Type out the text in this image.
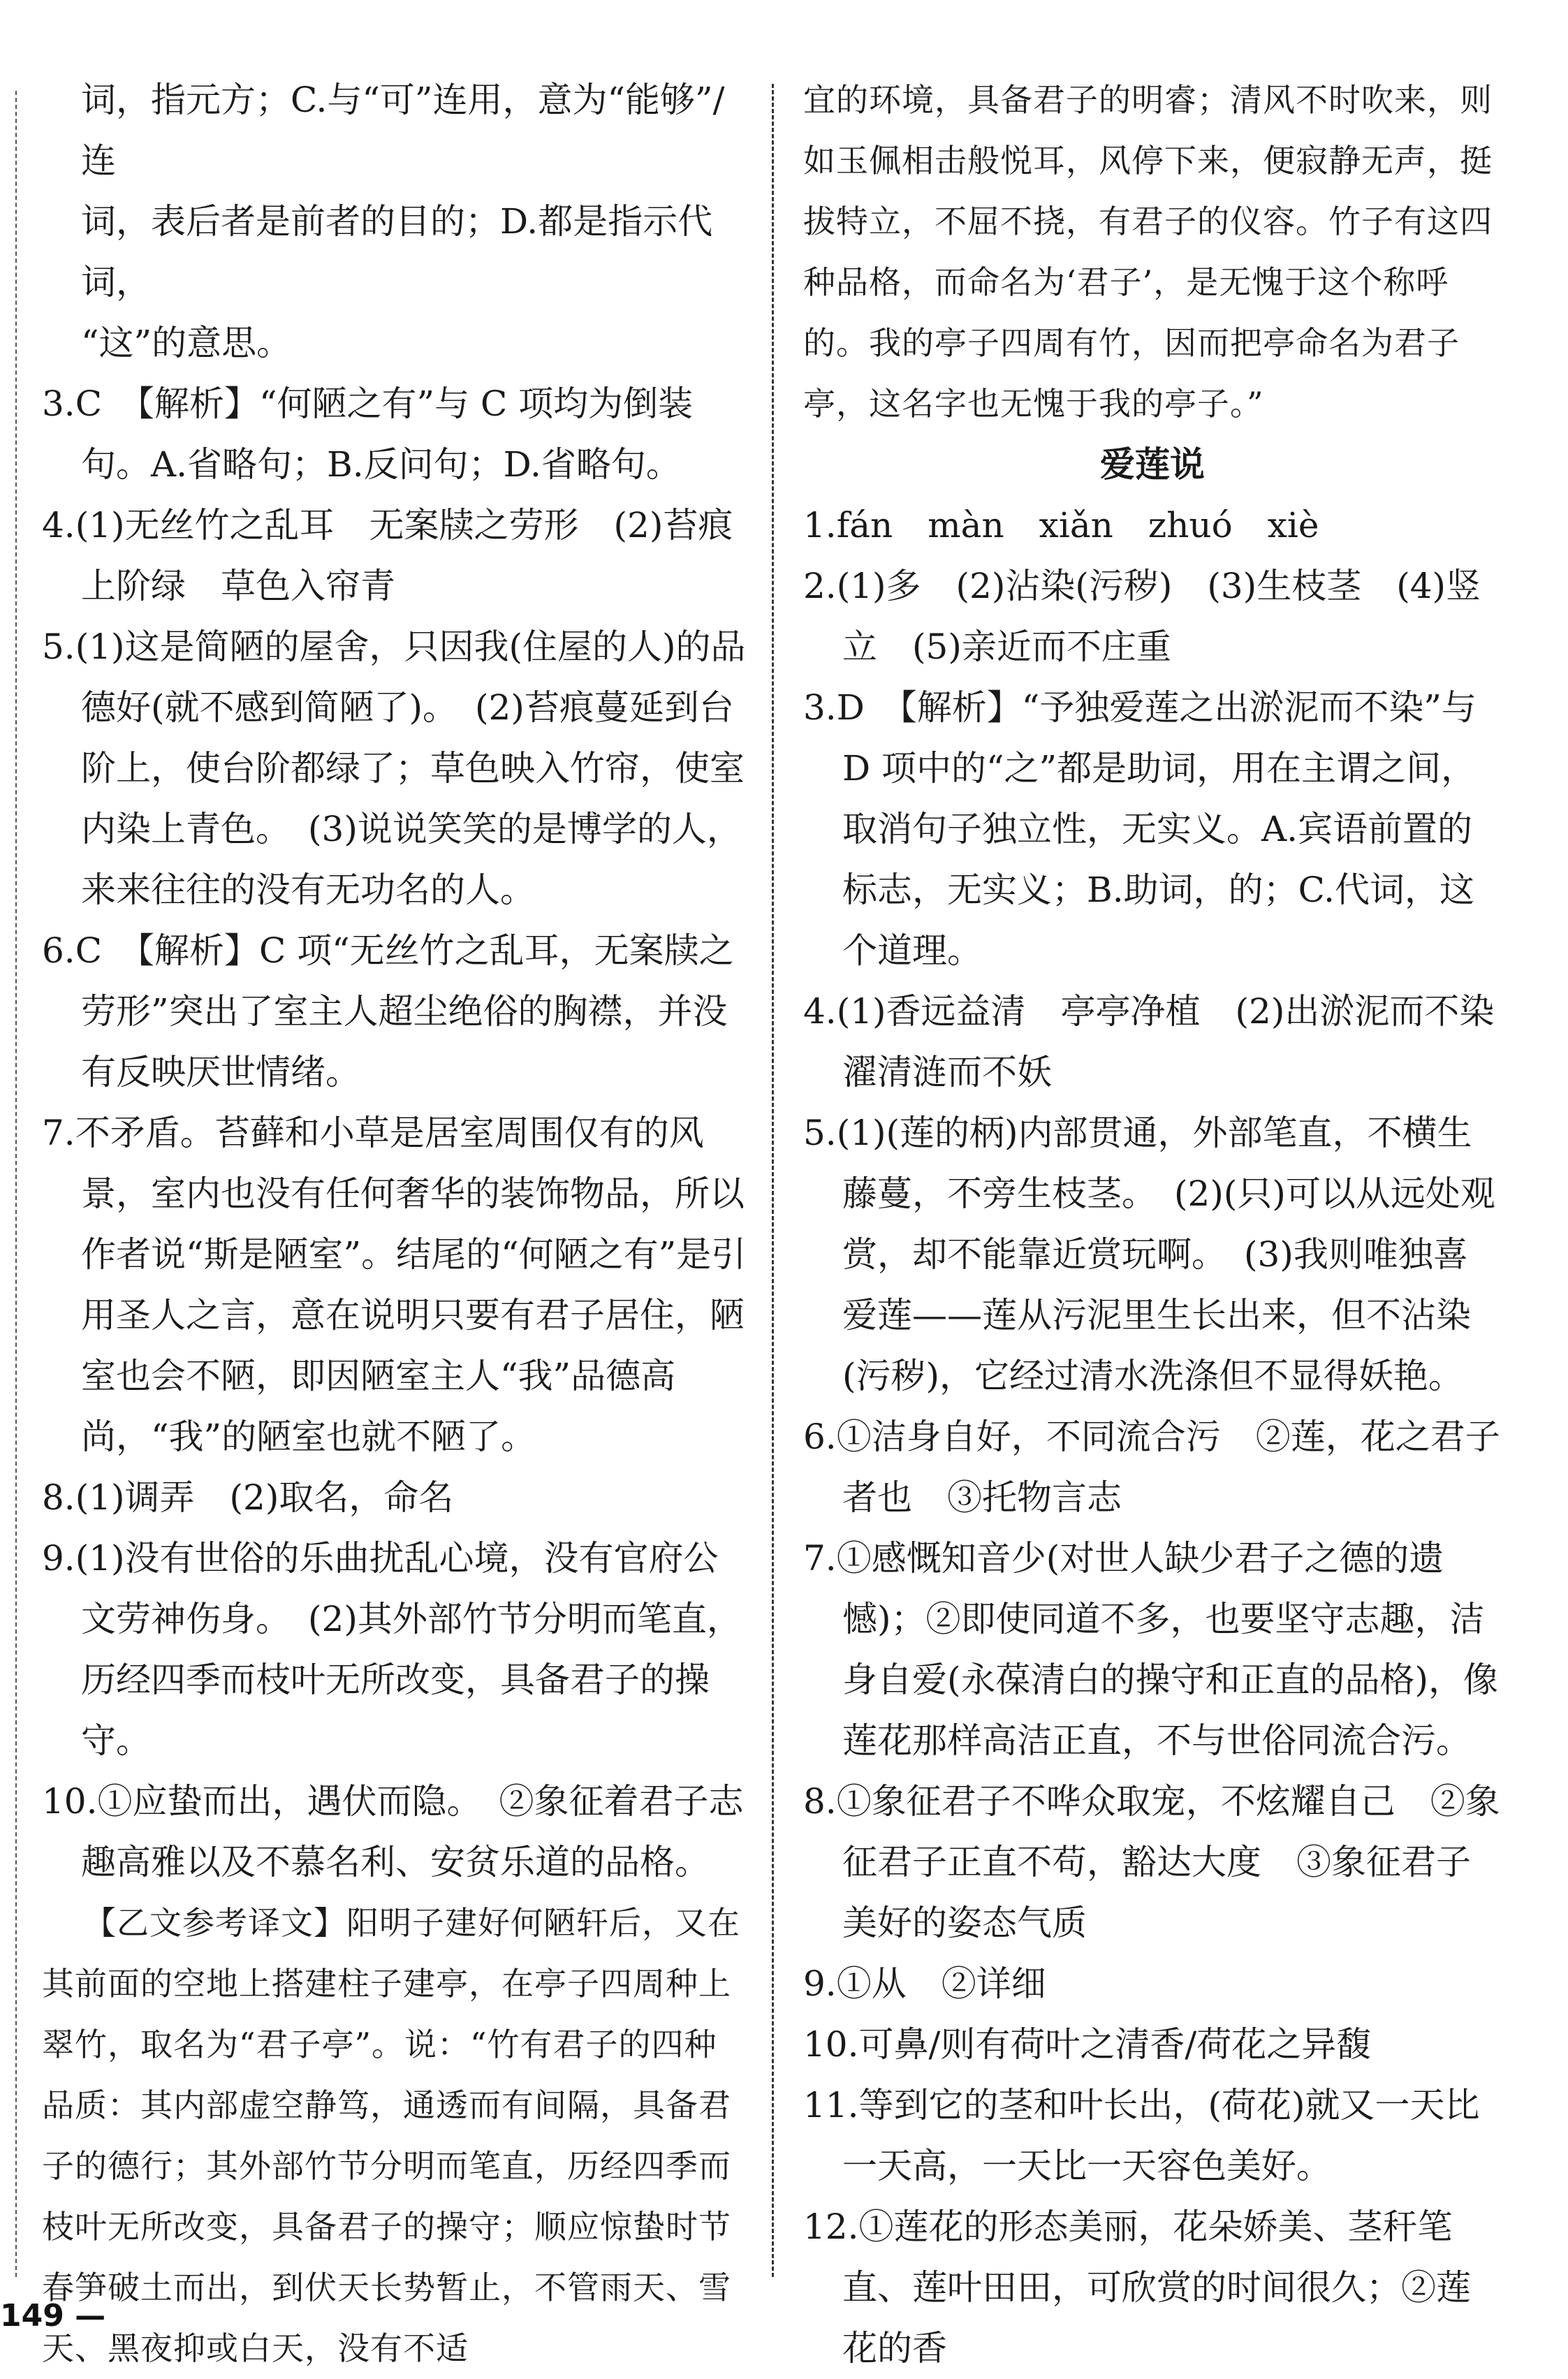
词，指元方；C.与“可”连用，意为“能够”/连

词，表后者是前者的目的；D.都是指示代词，

“这”的意思。

3.C　【解析】“何陋之有”与 C 项均为倒装句。A.省略句；B.反问句；D.省略句。

4.(1)无丝竹之乱耳　无案牍之劳形　(2)苔痕上阶绿　草色入帘青

5.(1)这是简陋的屋舍，只因我(住屋的人)的品德好(就不感到简陋了)。　(2)苔痕蔓延到台阶上，使台阶都绿了；草色映入竹帘，使室内染上青色。　(3)说说笑笑的是博学的人，来来往往的没有无功名的人。

6.C　【解析】C 项“无丝竹之乱耳，无案牍之劳形”突出了室主人超尘绝俗的胸襟，并没有反映厌世情绪。

7.不矛盾。苔藓和小草是居室周围仅有的风景，室内也没有任何奢华的装饰物品，所以作者说“斯是陋室”。结尾的“何陋之有”是引用圣人之言，意在说明只要有君子居住，陋室也会不陋，即因陋室主人“我”品德高尚，“我”的陋室也就不陋了。

8.(1)调弄　(2)取名，命名

9.(1)没有世俗的乐曲扰乱心境，没有官府公文劳神伤身。　(2)其外部竹节分明而笔直，历经四季而枝叶无所改变，具备君子的操守。

10.①应蛰而出，遇伏而隐。　②象征着君子志趣高雅以及不慕名利、安贫乐道的品格。

【乙文参考译文】阳明子建好何陋轩后，又在其前面的空地上搭建柱子建亭，在亭子四周种上翠竹，取名为“君子亭”。说：“竹有君子的四种品质：其内部虚空静笃，通透而有间隔，具备君子的德行；其外部竹节分明而笔直，历经四季而枝叶无所改变，具备君子的操守；顺应惊蛰时节春笋破土而出，到伏天长势暂止，不管雨天、雪天、黑夜抑或白天，没有不适

宜的环境，具备君子的明睿；清风不时吹来，则如玉佩相击般悦耳，风停下来，便寂静无声，挺拔特立，不屈不挠，有君子的仪容。竹子有这四种品格，而命名为‘君子’，是无愧于这个称呼的。我的亭子四周有竹，因而把亭命名为君子亭，这名字也无愧于我的亭子。”

爱莲说

1.fán　màn　xiǎn　zhuó　xiè

2.(1)多　(2)沾染(污秽)　(3)生枝茎　(4)竖立　(5)亲近而不庄重

3.D　【解析】“予独爱莲之出淤泥而不染”与 D 项中的“之”都是助词，用在主谓之间，取消句子独立性，无实义。A.宾语前置的标志，无实义；B.助词，的；C.代词，这个道理。

4.(1)香远益清　亭亭净植　(2)出淤泥而不染　濯清涟而不妖

5.(1)(莲的柄)内部贯通，外部笔直，不横生藤蔓，不旁生枝茎。　(2)(只)可以从远处观赏，却不能靠近赏玩啊。　(3)我则唯独喜爱莲——莲从污泥里生长出来，但不沾染(污秽)，它经过清水洗涤但不显得妖艳。

6.①洁身自好，不同流合污　②莲，花之君子者也　③托物言志

7.①感慨知音少(对世人缺少君子之德的遗憾)；②即使同道不多，也要坚守志趣，洁身自爱(永葆清白的操守和正直的品格)，像莲花那样高洁正直，不与世俗同流合污。

8.①象征君子不哗众取宠，不炫耀自己　②象征君子正直不苟，豁达大度　③象征君子美好的姿态气质

9.①从　②详细

10.可鼻/则有荷叶之清香/荷花之异馥

11.等到它的茎和叶长出，(荷花)就又一天比一天高，一天比一天容色美好。

12.①莲花的形态美丽，花朵娇美、茎秆笔直、莲叶田田，可欣赏的时间很久；②莲花的香

149 —
